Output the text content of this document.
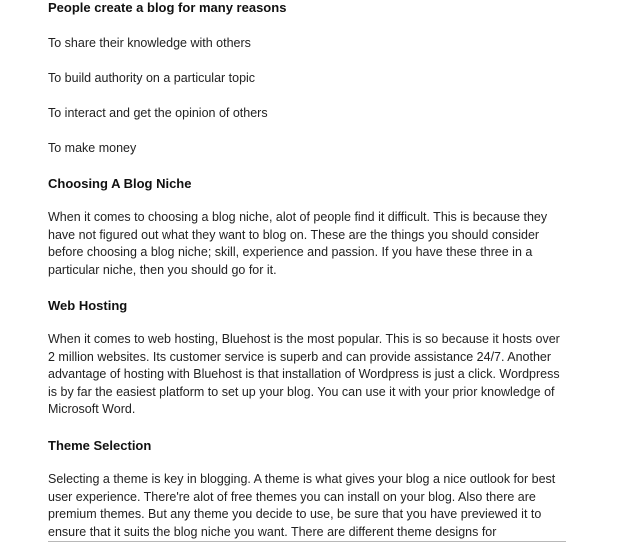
People create a blog for many reasons

To share their knowledge with others

To build authority on a particular topic

To interact and get the opinion of others

To make money

Choosing A Blog Niche

When it comes to choosing a blog niche, alot of people find it difficult. This is because they have not figured out what they want to blog on. These are the things you should consider before choosing a blog niche; skill, experience and passion. If you have these three in a particular niche, then you should go for it.

Web Hosting

When it comes to web hosting, Bluehost is the most popular. This is so because it hosts over 2 million websites. Its customer service is superb and can provide assistance 24/7. Another advantage of hosting with Bluehost is that installation of Wordpress is just a click. Wordpress is by far the easiest platform to set up your blog. You can use it with your prior knowledge of Microsoft Word.

Theme Selection

Selecting a theme is key in blogging. A theme is what gives your blog a nice outlook for best user experience. There're alot of free themes you can install on your blog. Also there are premium themes. But any theme you decide to use, be sure that you have previewed it to ensure that it suits the blog niche you want. There are different theme designs for
